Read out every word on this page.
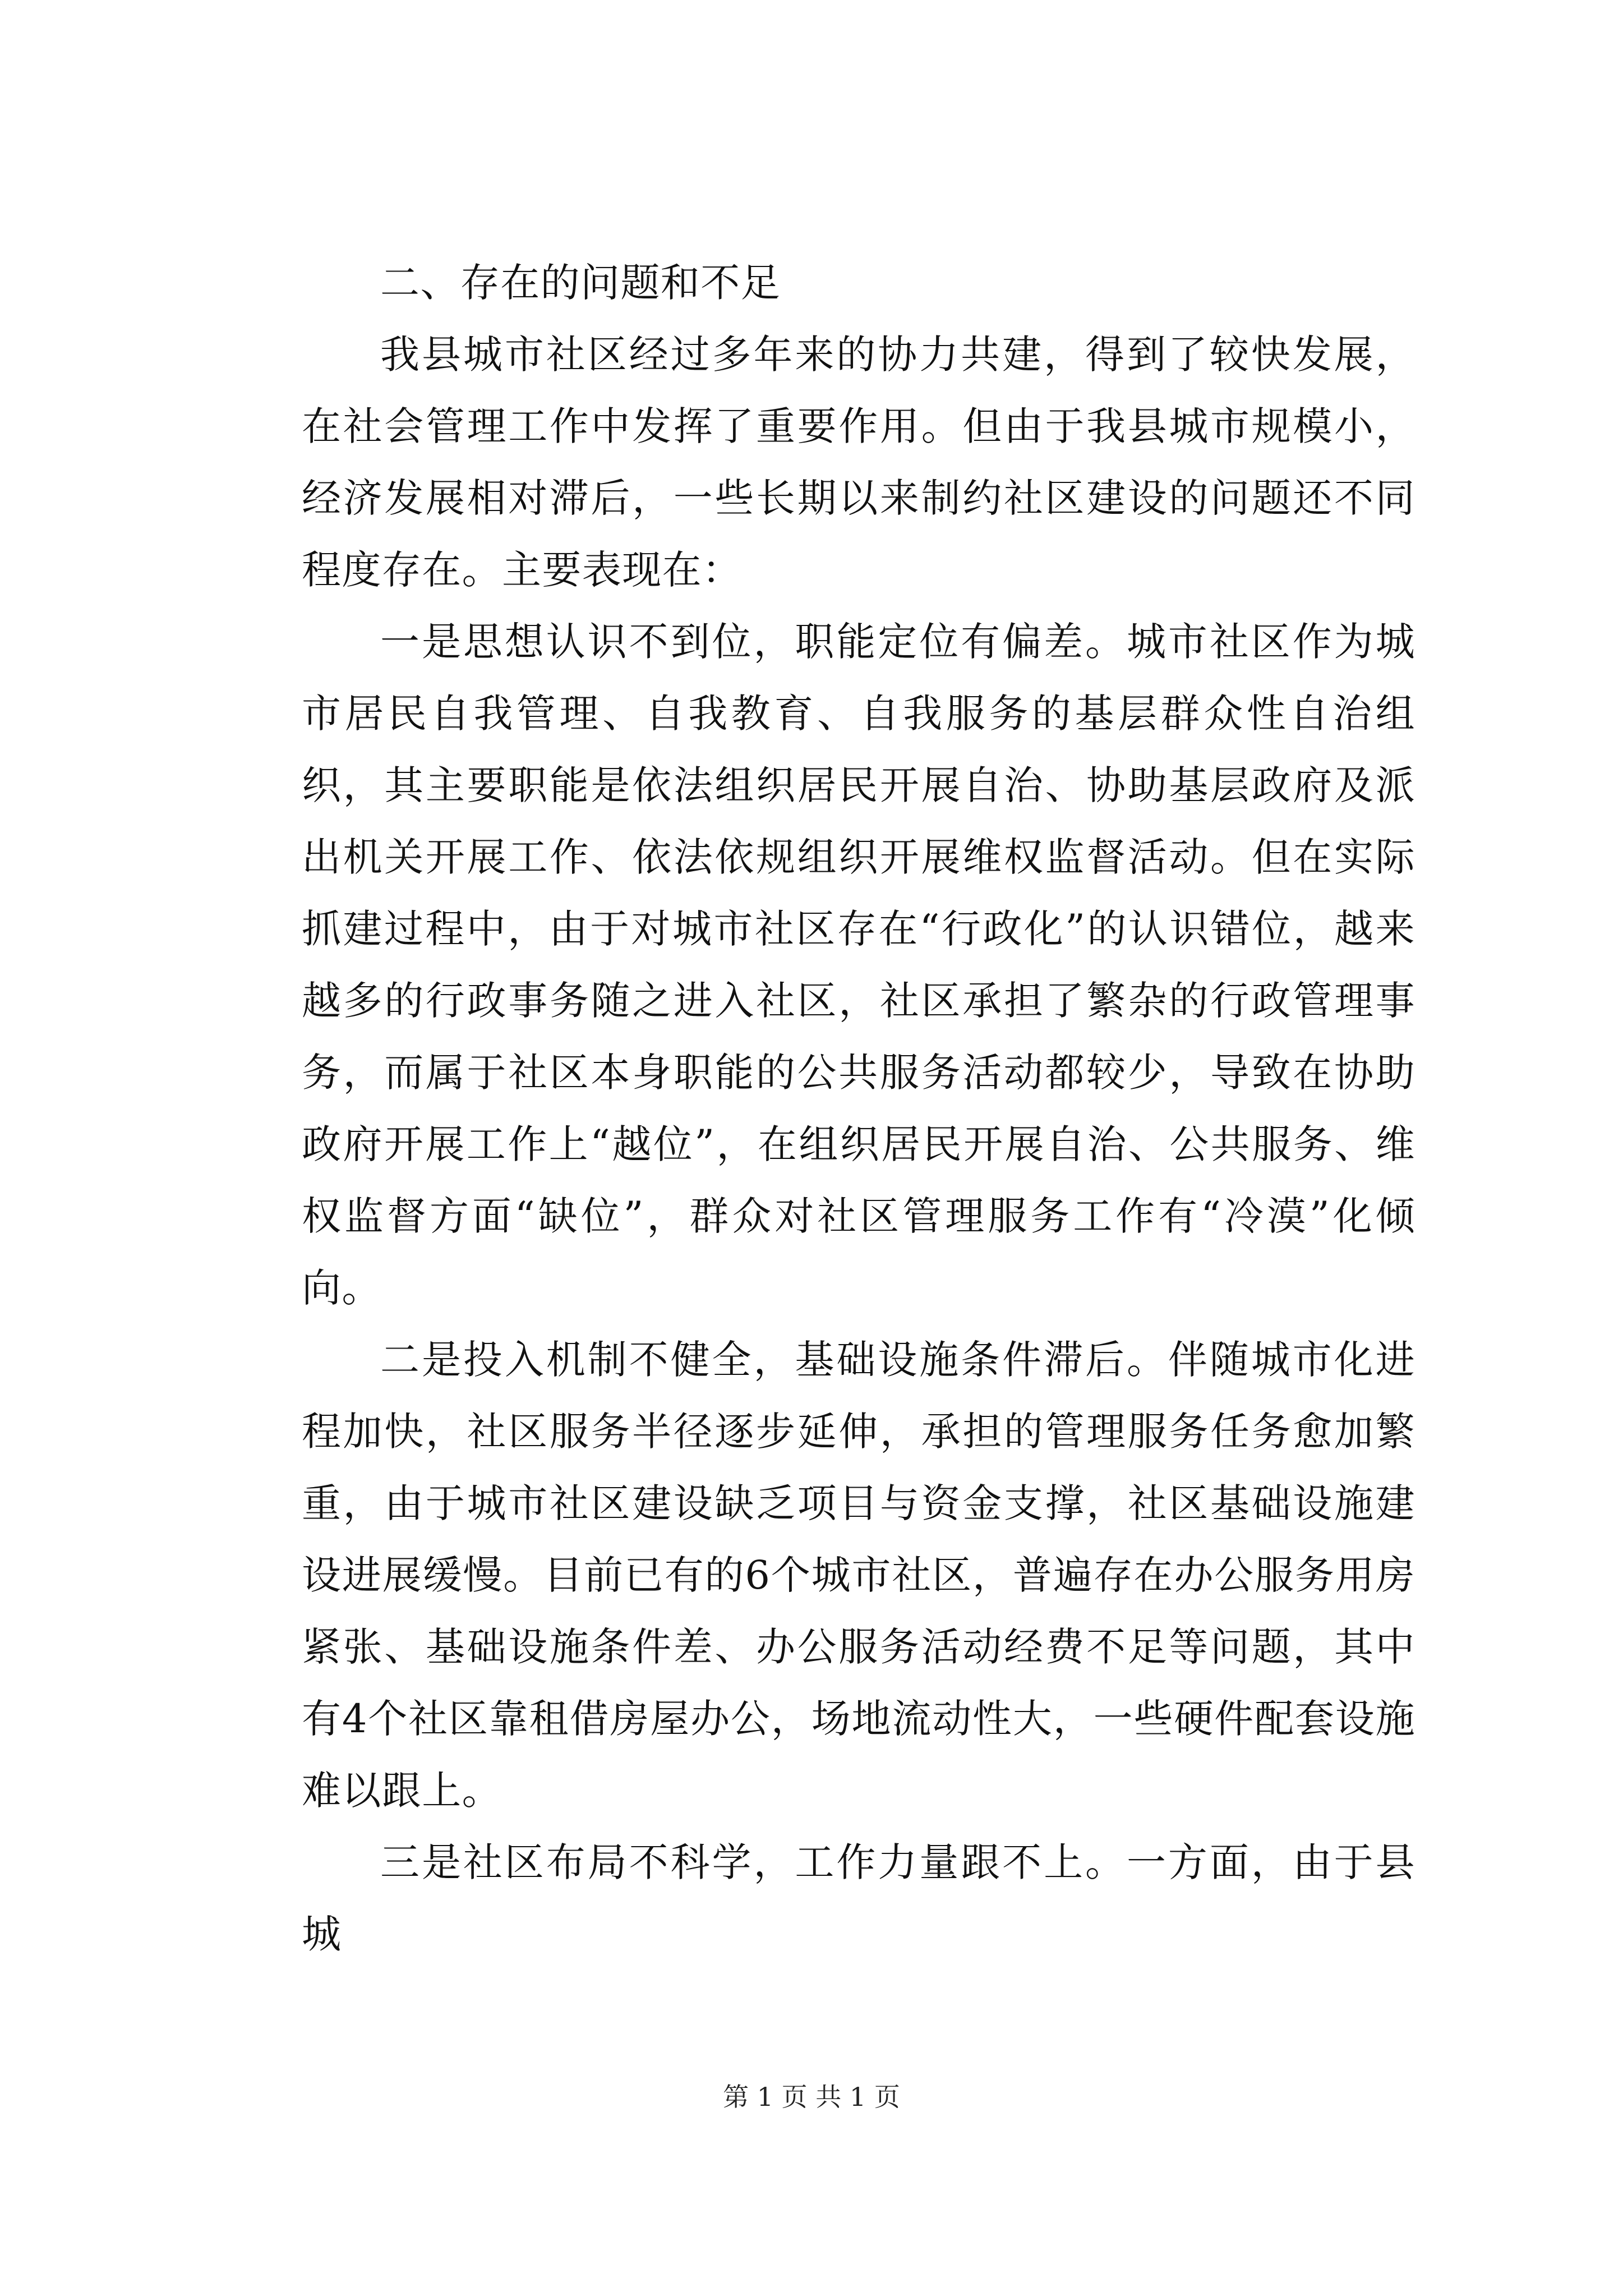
二、存在的问题和不足

我县城市社区经过多年来的协力共建，得到了较快发展，在社会管理工作中发挥了重要作用。但由于我县城市规模小，经济发展相对滞后，一些长期以来制约社区建设的问题还不同程度存在。主要表现在：

一是思想认识不到位，职能定位有偏差。城市社区作为城市居民自我管理、自我教育、自我服务的基层群众性自治组织，其主要职能是依法组织居民开展自治、协助基层政府及派出机关开展工作、依法依规组织开展维权监督活动。但在实际抓建过程中，由于对城市社区存在“行政化”的认识错位，越来越多的行政事务随之进入社区，社区承担了繁杂的行政管理事务，而属于社区本身职能的公共服务活动都较少，导致在协助政府开展工作上“越位”，在组织居民开展自治、公共服务、维权监督方面“缺位”，群众对社区管理服务工作有“冷漠”化倾向。

二是投入机制不健全，基础设施条件滞后。伴随城市化进程加快，社区服务半径逐步延伸，承担的管理服务任务愈加繁重，由于城市社区建设缺乏项目与资金支撑，社区基础设施建设进展缓慢。目前已有的6个城市社区，普遍存在办公服务用房紧张、基础设施条件差、办公服务活动经费不足等问题，其中有4个社区靠租借房屋办公，场地流动性大，一些硬件配套设施难以跟上。

三是社区布局不科学，工作力量跟不上。一方面，由于县城

第 1 页 共 1 页
